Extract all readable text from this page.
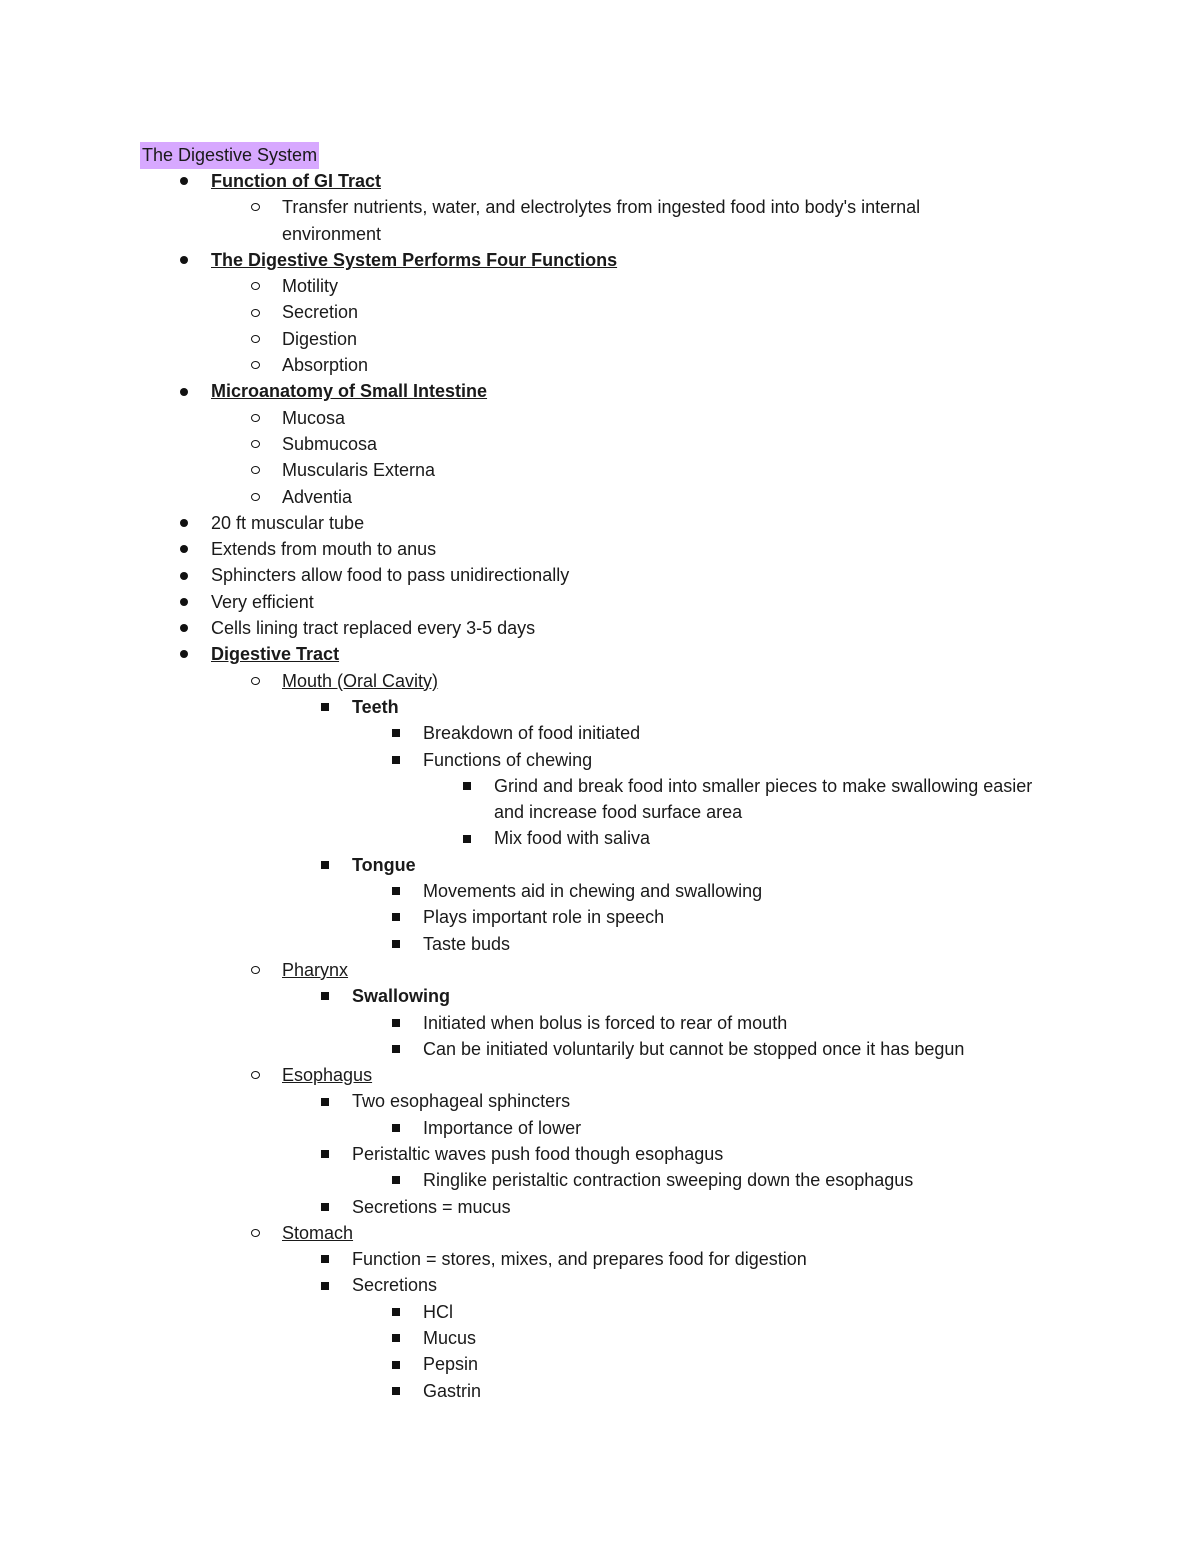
The Digestive System
Function of GI Tract
Transfer nutrients, water, and electrolytes from ingested food into body's internal environment
The Digestive System Performs Four Functions
Motility
Secretion
Digestion
Absorption
Microanatomy of Small Intestine
Mucosa
Submucosa
Muscularis Externa
Adventia
20 ft muscular tube
Extends from mouth to anus
Sphincters allow food to pass unidirectionally
Very efficient
Cells lining tract replaced every 3-5 days
Digestive Tract
Mouth (Oral Cavity)
Teeth
Breakdown of food initiated
Functions of chewing
Grind and break food into smaller pieces to make swallowing easier and increase food surface area
Mix food with saliva
Tongue
Movements aid in chewing and swallowing
Plays important role in speech
Taste buds
Pharynx
Swallowing
Initiated when bolus is forced to rear of mouth
Can be initiated voluntarily but cannot be stopped once it has begun
Esophagus
Two esophageal sphincters
Importance of lower
Peristaltic waves push food though esophagus
Ringlike peristaltic contraction sweeping down the esophagus
Secretions = mucus
Stomach
Function = stores, mixes, and prepares food for digestion
Secretions
HCl
Mucus
Pepsin
Gastrin
